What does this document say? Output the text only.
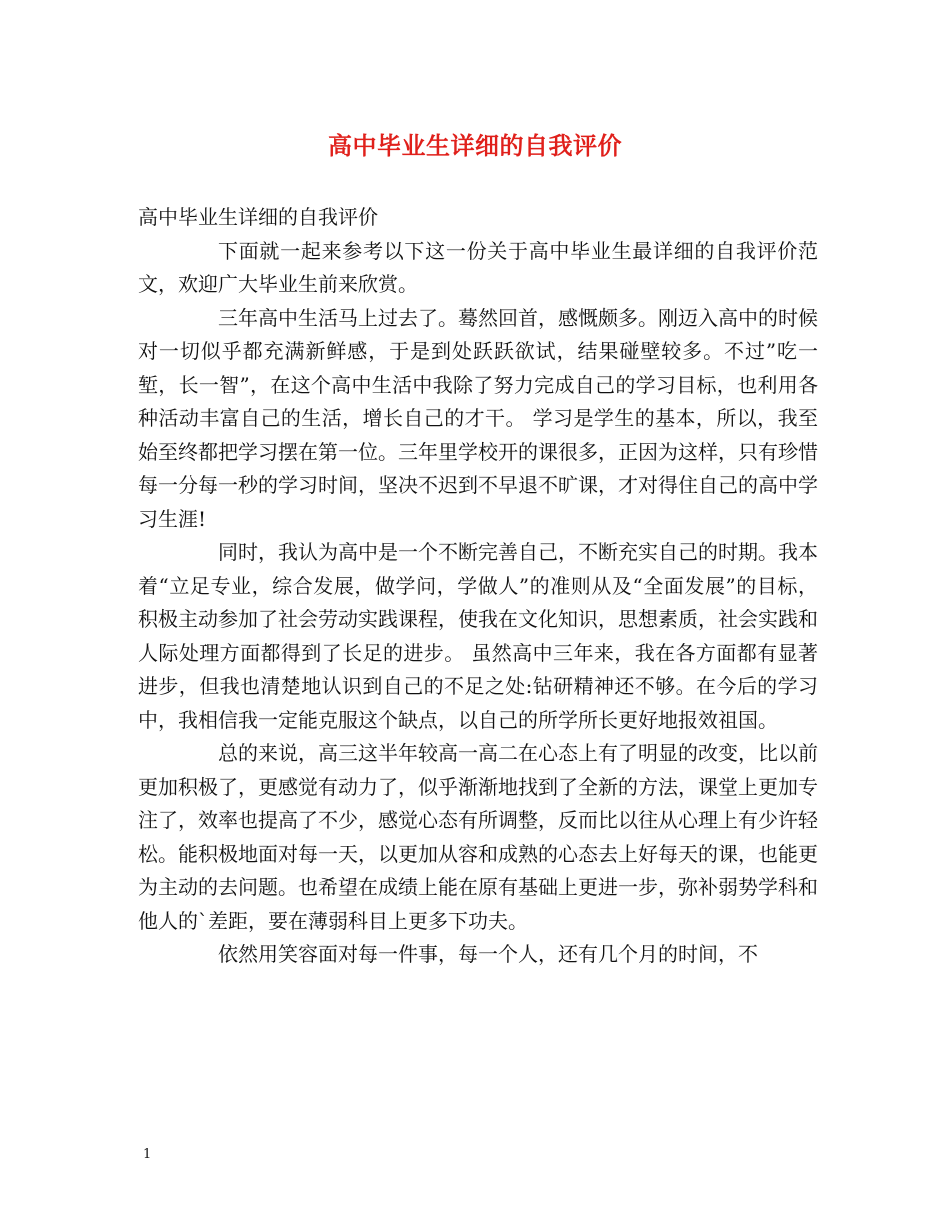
高中毕业生详细的自我评价

高中毕业生详细的自我评价

下面就一起来参考以下这一份关于高中毕业生最详细的自我评价范文，欢迎广大毕业生前来欣赏。

三年高中生活马上过去了。蓦然回首，感慨颇多。刚迈入高中的时候对一切似乎都充满新鲜感，于是到处跃跃欲试，结果碰壁较多。不过”吃一堑，长一智”，在这个高中生活中我除了努力完成自己的学习目标，也利用各种活动丰富自己的生活，增长自己的才干。 学习是学生的基本，所以，我至始至终都把学习摆在第一位。三年里学校开的课很多，正因为这样，只有珍惜每一分每一秒的学习时间，坚决不迟到不早退不旷课，才对得住自己的高中学习生涯!

同时，我认为高中是一个不断完善自己，不断充实自己的时期。我本着“立足专业，综合发展，做学问，学做人”的准则从及“全面发展”的目标，积极主动参加了社会劳动实践课程，使我在文化知识，思想素质，社会实践和人际处理方面都得到了长足的进步。 虽然高中三年来，我在各方面都有显著进步，但我也清楚地认识到自己的不足之处:钻研精神还不够。在今后的学习中，我相信我一定能克服这个缺点，以自己的所学所长更好地报效祖国。

总的来说，高三这半年较高一高二在心态上有了明显的改变，比以前更加积极了，更感觉有动力了，似乎渐渐地找到了全新的方法，课堂上更加专注了，效率也提高了不少，感觉心态有所调整，反而比以往从心理上有少许轻松。能积极地面对每一天，以更加从容和成熟的心态去上好每天的课，也能更为主动的去问题。也希望在成绩上能在原有基础上更进一步，弥补弱势学科和他人的`差距，要在薄弱科目上更多下功夫。

依然用笑容面对每一件事，每一个人，还有几个月的时间，不

1
